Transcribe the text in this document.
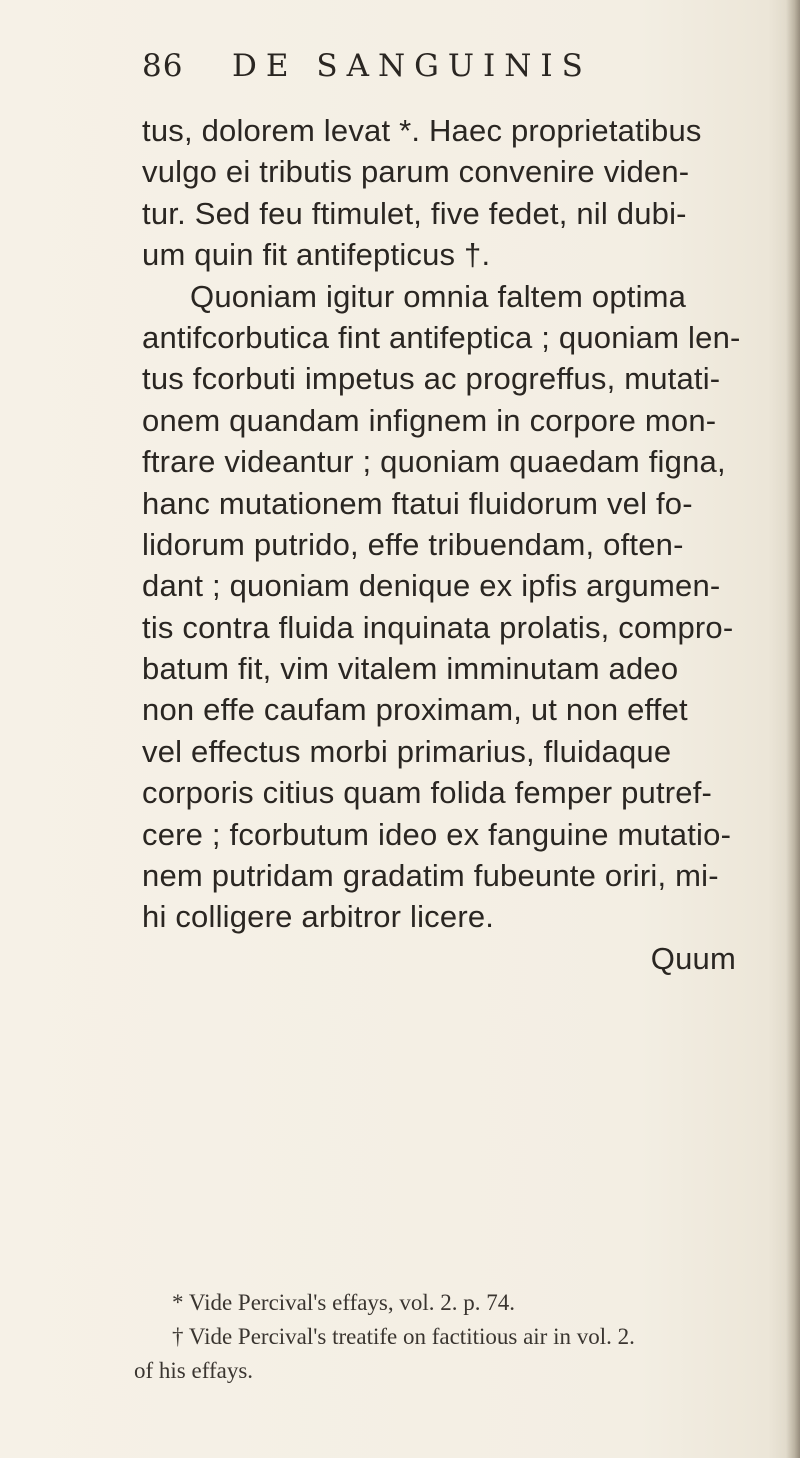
86 DE SANGUINIS
tus, dolorem levat *. Haec proprietatibus
vulgo ei tributis parum convenire viden-
tur. Sed feu ftimulet, five fedet, nil dubi-
um quin fit antifepticus †.
Quoniam igitur omnia faltem optima
antifcorbutica fint antifeptica ; quoniam len-
tus fcorbuti impetus ac progreffus, mutati-
onem quandam infignem in corpore mon-
ftrare videantur ; quoniam quaedam figna,
hanc mutationem ftatui fluidorum vel fo-
lidorum putrido, effe tribuendam, often-
dant ; quoniam denique ex ipfis argumen-
tis contra fluida inquinata prolatis, compro-
batum fit, vim vitalem imminutam adeo
non effe caufam proximam, ut non effet
vel effectus morbi primarius, fluidaque
corporis citius quam folida femper putref-
cere ; fcorbutum ideo ex fanguine mutatio-
nem putridam gradatim fubeunte oriri, mi-
hi colligere arbitror licere.
Quum
* Vide Percival's effays, vol. 2. p. 74.
† Vide Percival's treatife on factitious air in vol. 2.
of his effays.
